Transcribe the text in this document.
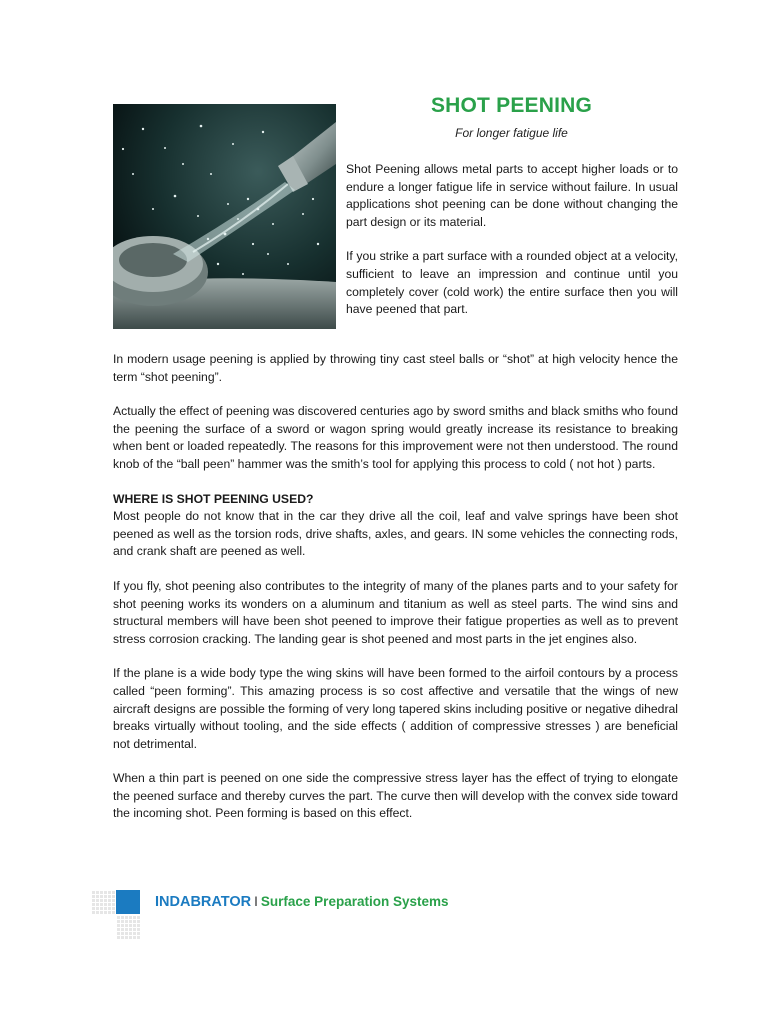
SHOT PEENING
For longer fatigue life

Shot Peening allows metal parts to accept higher loads or to endure a longer fatigue life in service without failure. In usual applications shot peening can be done without changing the part design or its material.

If you strike a part surface with a rounded object at a velocity, sufficient to leave an impression and continue until you completely cover (cold work) the entire surface then you will have peened that part.

In modern usage peening is applied by throwing tiny cast steel balls or “shot” at high velocity hence the term “shot peening”.

Actually the effect of peening was discovered centuries ago by sword smiths and black smiths who found the peening the surface of a sword or wagon spring would greatly increase its resistance to breaking when bent or loaded repeatedly. The reasons for this improvement were not then understood. The round knob of the “ball peen” hammer was the smith’s tool for applying this process to cold ( not hot ) parts.

WHERE IS SHOT PEENING USED?

Most people do not know that in the car they drive all the coil, leaf and valve springs have been shot peened as well as the torsion rods, drive shafts, axles, and gears. IN some vehicles the connecting rods, and crank shaft are peened as well.

If you fly, shot peening also contributes to the integrity of many of the planes parts and to your safety for shot peening works its wonders on a aluminum and titanium as well as steel parts. The wind sins and structural members will have been shot peened to improve their fatigue properties as well as to prevent stress corrosion cracking. The landing gear is shot peened and most parts in the jet engines also.

If the plane is a wide body type the wing skins will have been formed to the airfoil contours by a process called “peen forming”. This amazing process is so cost affective and versatile that the wings of new aircraft designs are possible the forming of very long tapered skins including positive or negative dihedral breaks virtually without tooling, and the side effects ( addition of compressive stresses ) are beneficial not detrimental.

When a thin part is peened on one side the compressive stress layer has the effect of trying to elongate the peened surface and thereby curves the part. The curve then will develop with the convex side toward the incoming shot. Peen forming is based on this effect.

INDABRATOR I Surface Preparation Systems
